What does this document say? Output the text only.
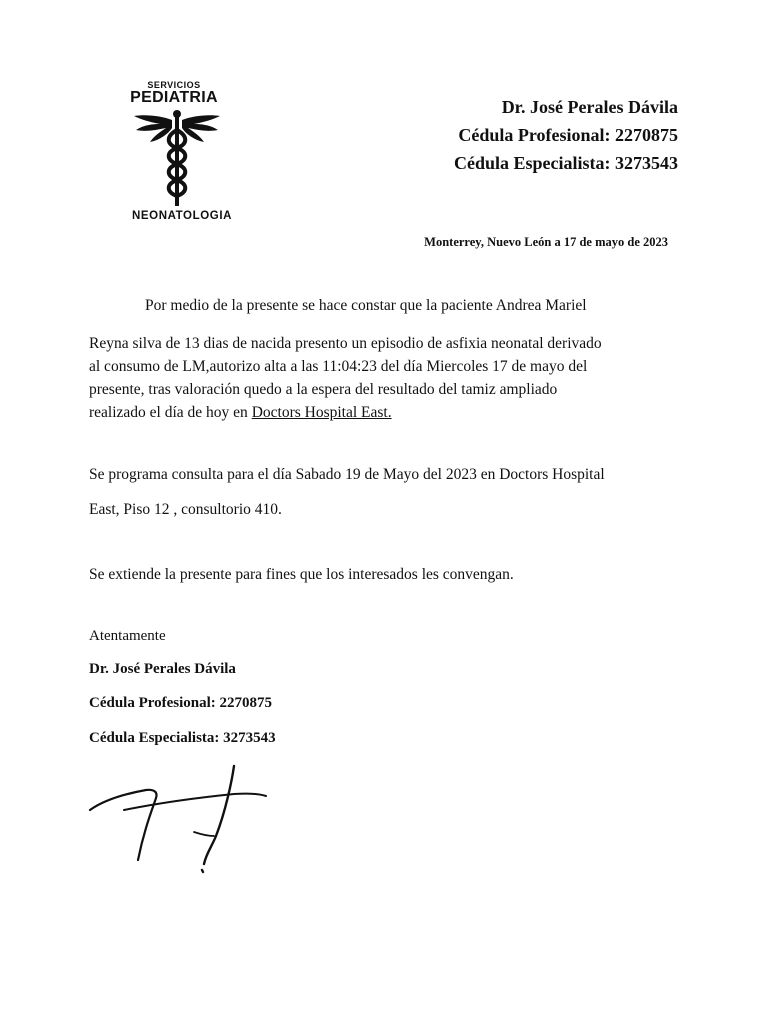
SERVICIOS
PEDIATRIA
NEONATOLOGIA
Dr. José Perales Dávila
Cédula Profesional: 2270875
Cédula Especialista: 3273543
Monterrey, Nuevo León a 17 de mayo de 2023
Por medio de la presente se hace constar que la paciente Andrea Mariel
Reyna silva de 13 dias de nacida presento un episodio de asfixia neonatal derivado
al consumo de LM,autorizo alta a las 11:04:23 del día Miercoles 17 de mayo del
presente, tras valoración quedo a la espera del resultado del tamiz ampliado
realizado el día de hoy en Doctors Hospital East.
Se programa consulta para el día Sabado 19 de Mayo del 2023 en Doctors Hospital
East, Piso 12 , consultorio 410.
Se extiende la presente para fines que los interesados les convengan.
Atentamente
Dr. José Perales Dávila
Cédula Profesional: 2270875
Cédula Especialista: 3273543
